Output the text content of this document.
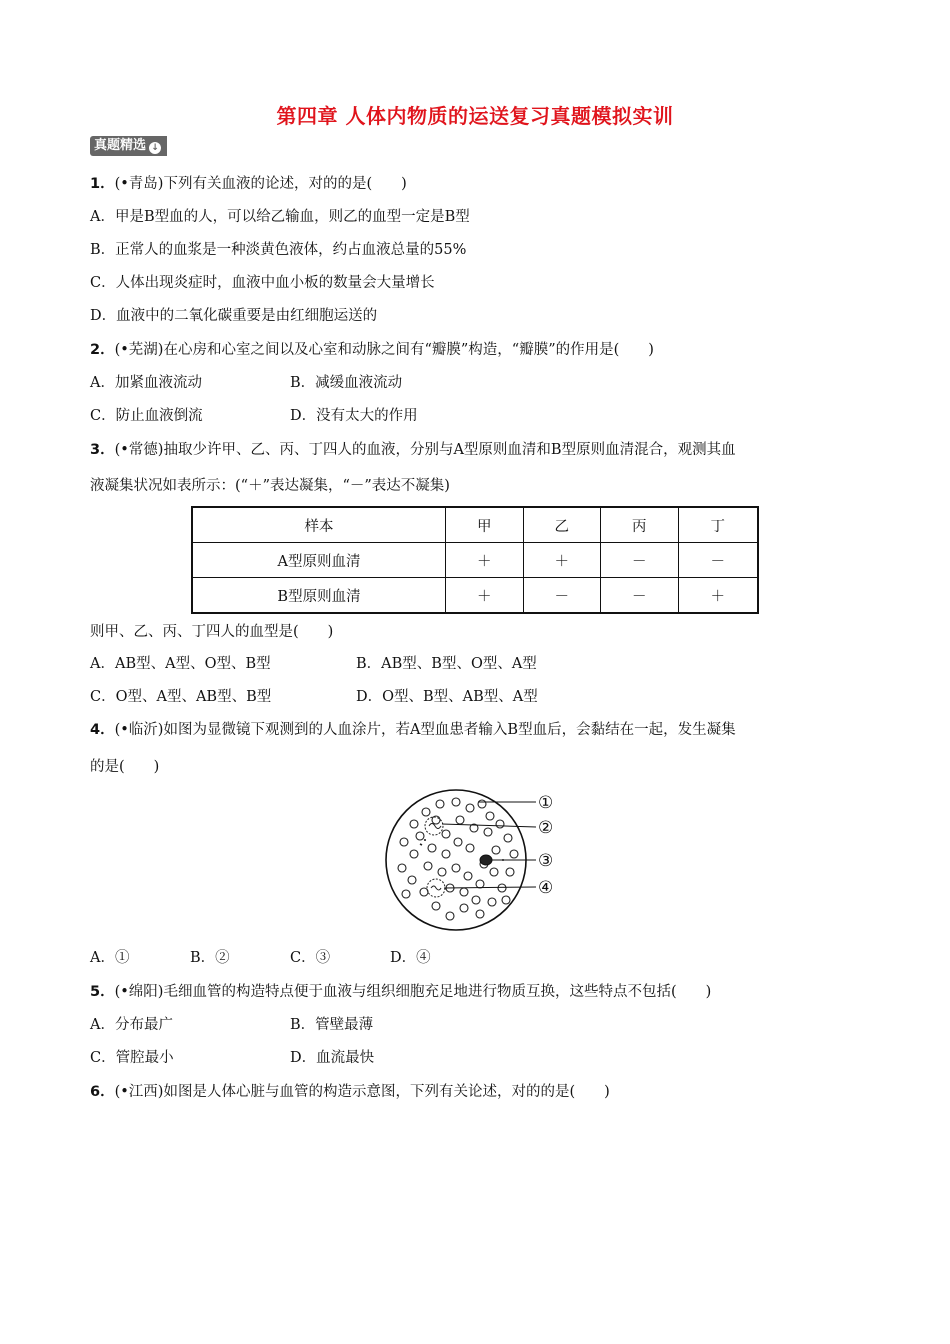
第四章 人体内物质的运送复习真题模拟实训
真题精选 ↓
1．(•青岛)下列有关血液的论述，对的的是(　　)
A．甲是B型血的人，可以给乙输血，则乙的血型一定是B型
B．正常人的血浆是一种淡黄色液体，约占血液总量的55%
C．人体出现炎症时，血液中血小板的数量会大量增长
D．血液中的二氧化碳重要是由红细胞运送的
2．(•芜湖)在心房和心室之间以及心室和动脉之间有“瓣膜”构造，“瓣膜”的作用是(　　)
A．加紧血液流动	B．减缓血液流动
C．防止血液倒流	D．没有太大的作用
3．(•常德)抽取少许甲、乙、丙、丁四人的血液，分别与A型原则血清和B型原则血清混合，观测其血
液凝集状况如表所示：(“＋”表达凝集，“－”表达不凝集)
样本	甲	乙	丙	丁
A型原则血清	＋	＋	－	－
B型原则血清	＋	－	－	＋
则甲、乙、丙、丁四人的血型是(　　)
A．AB型、A型、O型、B型	B．AB型、B型、O型、A型
C．O型、A型、AB型、B型	D．O型、B型、AB型、A型
4．(•临沂)如图为显微镜下观测到的人血涂片，若A型血患者输入B型血后，会黏结在一起，发生凝集
的是(　　)
①
②
③
④
A．①	B．②	C．③	D．④
5．(•绵阳)毛细血管的构造特点便于血液与组织细胞充足地进行物质互换，这些特点不包括(　　)
A．分布最广	B．管壁最薄
C．管腔最小	D．血流最快
6．(•江西)如图是人体心脏与血管的构造示意图，下列有关论述，对的的是(　　)
